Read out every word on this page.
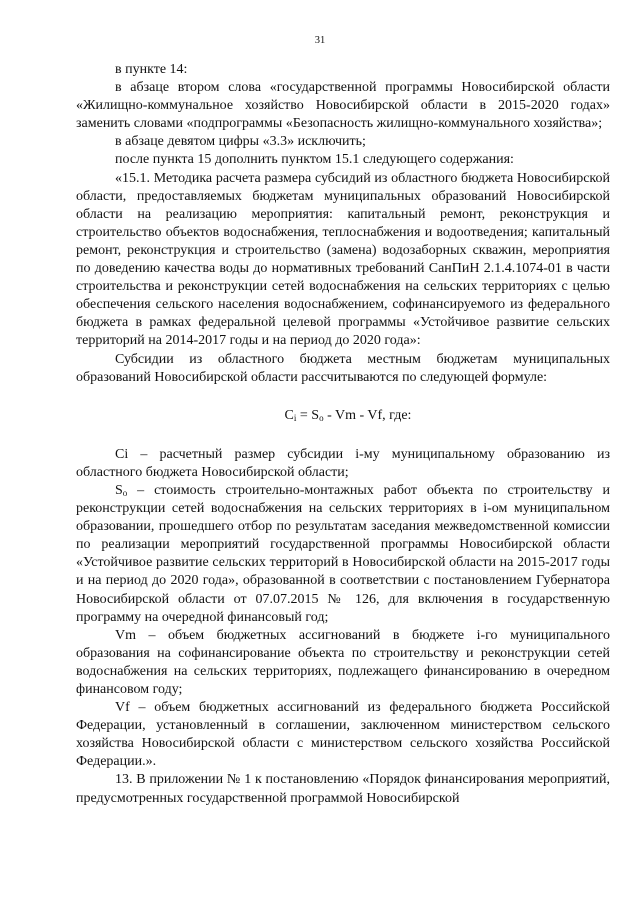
31

в пункте 14:

в абзаце втором слова «государственной программы Новосибирской области «Жилищно-коммунальное хозяйство Новосибирской области в 2015-2020 годах» заменить словами «подпрограммы «Безопасность жилищно-коммунального хозяйства»;

в абзаце девятом цифры «3.3» исключить;

после пункта 15 дополнить пунктом 15.1 следующего содержания:

«15.1. Методика расчета размера субсидий из областного бюджета Новосибирской области, предоставляемых бюджетам муниципальных образований Новосибирской области на реализацию мероприятия: капитальный ремонт, реконструкция и строительство объектов водоснабжения, теплоснабжения и водоотведения; капитальный ремонт, реконструкция и строительство (замена) водозаборных скважин, мероприятия по доведению качества воды до нормативных требований СанПиН 2.1.4.1074-01 в части строительства и реконструкции сетей водоснабжения на сельских территориях с целью обеспечения сельского населения водоснабжением, софинансируемого из федерального бюджета в рамках федеральной целевой программы «Устойчивое развитие сельских территорий на 2014-2017 годы и на период до 2020 года»:

Субсидии из областного бюджета местным бюджетам муниципальных образований Новосибирской области рассчитываются по следующей формуле:

$C_i = S_o - Vm - Vf$, где:

Ci – расчетный размер субсидии i-му муниципальному образованию из областного бюджета Новосибирской области;

$S_o$ – стоимость строительно-монтажных работ объекта по строительству и реконструкции сетей водоснабжения на сельских территориях в i-ом муниципальном образовании, прошедшего отбор по результатам заседания межведомственной комиссии по реализации мероприятий государственной программы Новосибирской области «Устойчивое развитие сельских территорий в Новосибирской области на 2015-2017 годы и на период до 2020 года», образованной в соответствии с постановлением Губернатора Новосибирской области от 07.07.2015 № 126, для включения в государственную программу на очередной финансовый год;

Vm – объем бюджетных ассигнований в бюджете i-го муниципального образования на софинансирование объекта по строительству и реконструкции сетей водоснабжения на сельских территориях, подлежащего финансированию в очередном финансовом году;

Vf – объем бюджетных ассигнований из федерального бюджета Российской Федерации, установленный в соглашении, заключенном министерством сельского хозяйства Новосибирской области с министерством сельского хозяйства Российской Федерации.».

13. В приложении № 1 к постановлению «Порядок финансирования мероприятий, предусмотренных государственной программой Новосибирской
